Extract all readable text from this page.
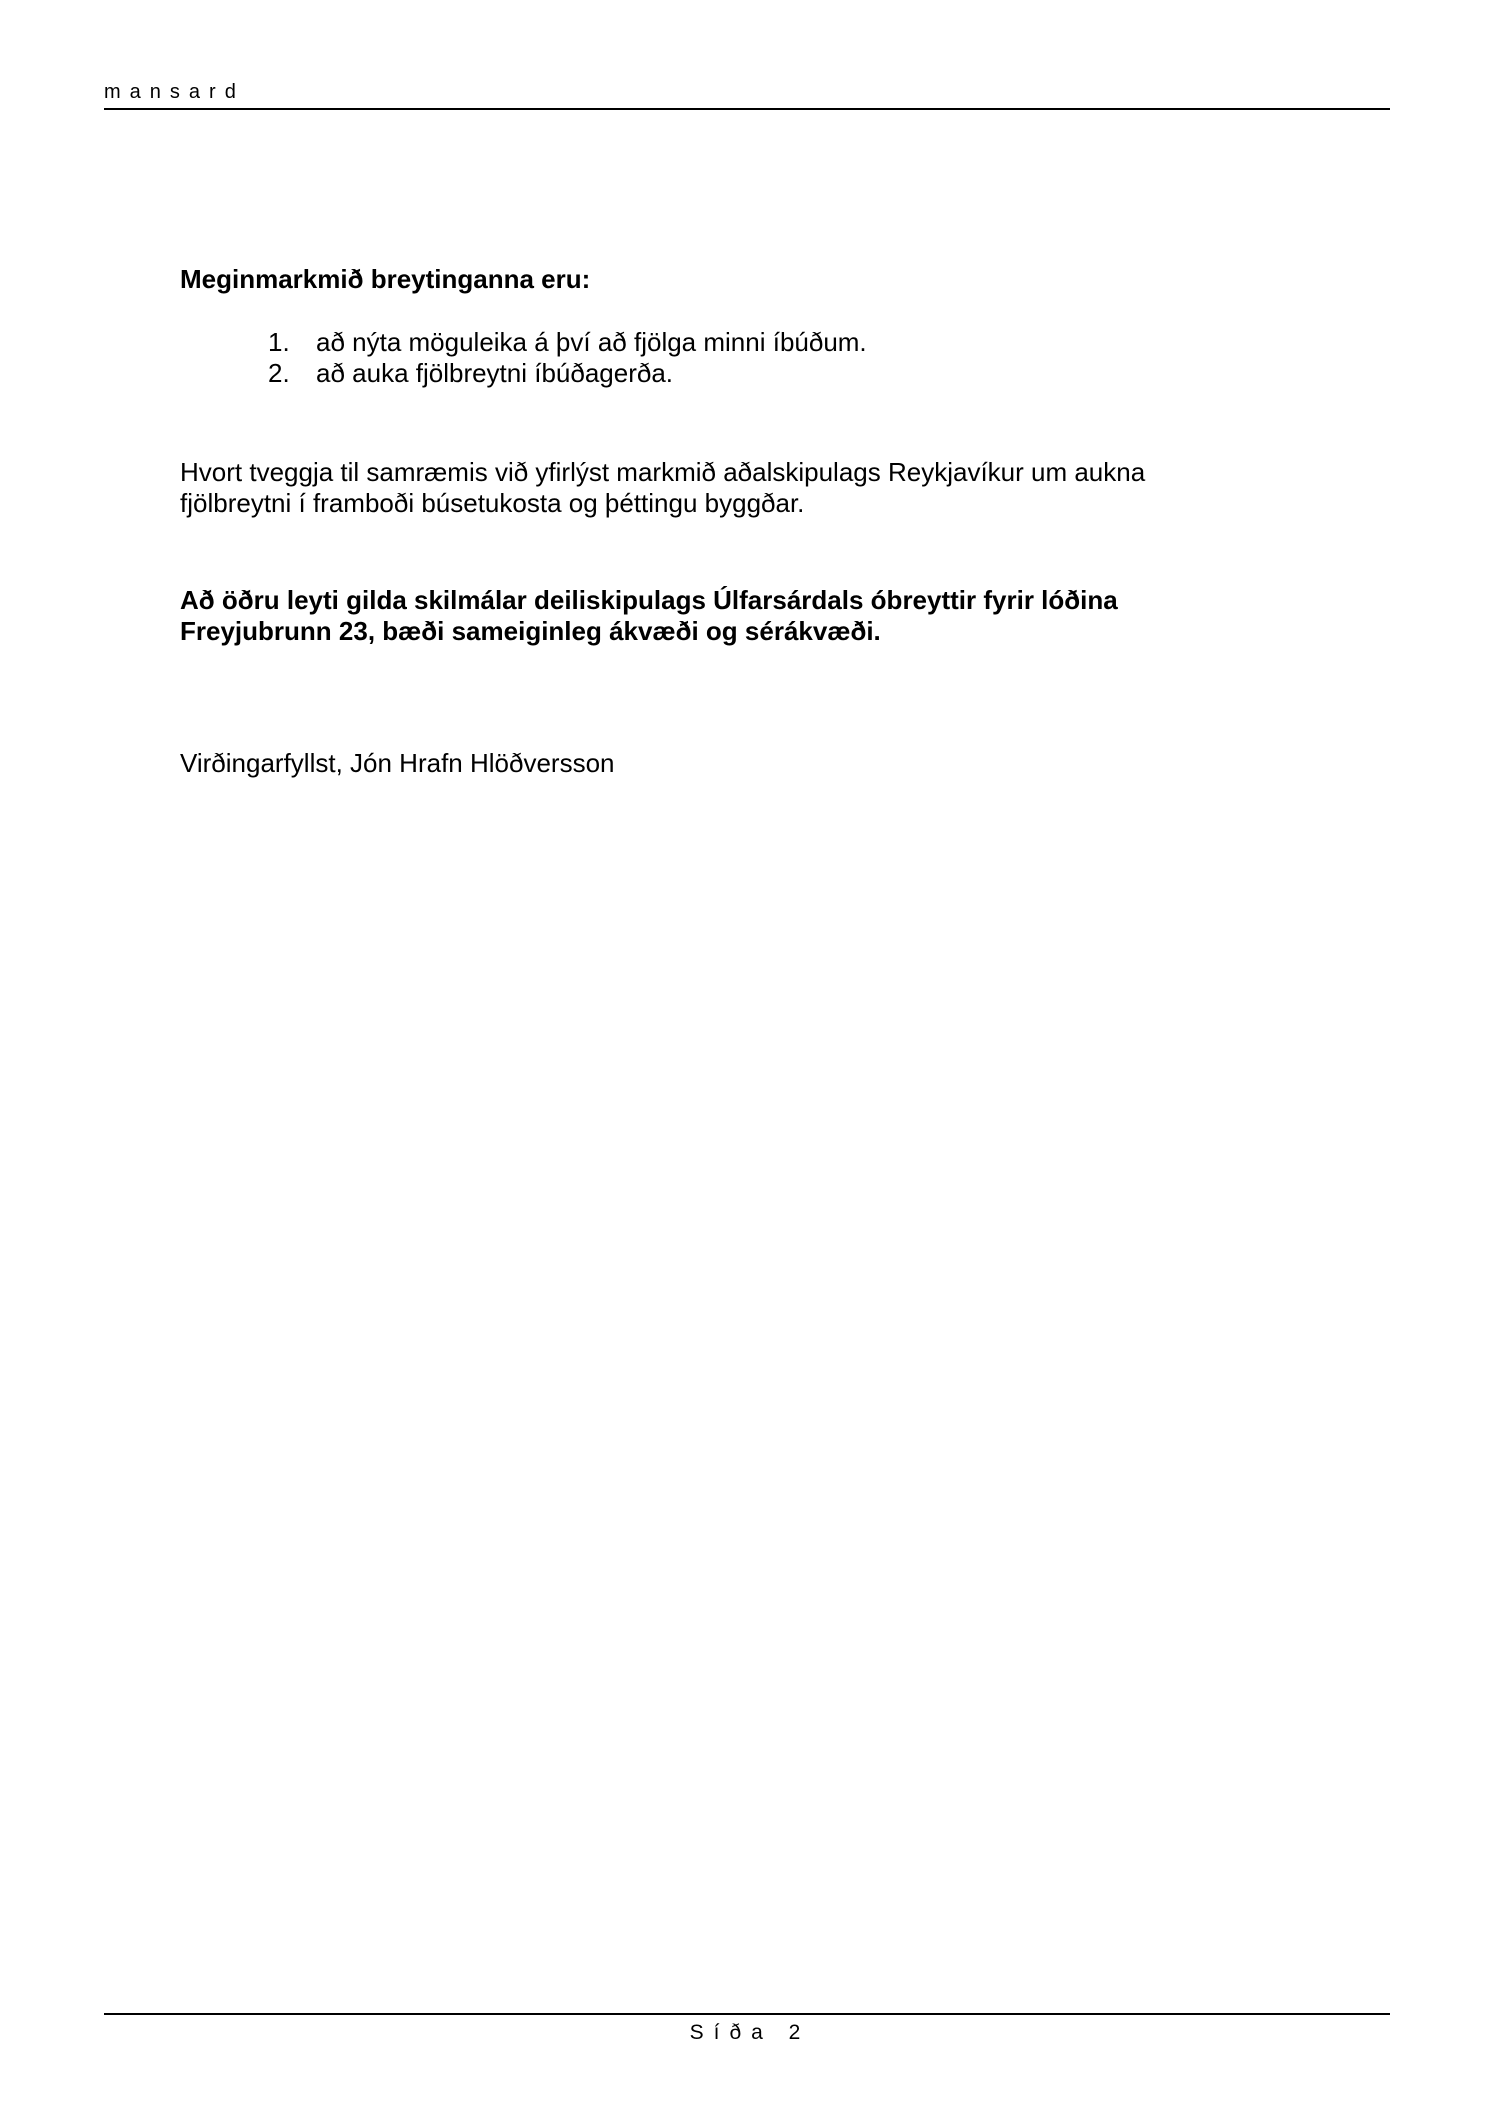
mansard
Meginmarkmið breytinganna eru:
1. að nýta möguleika á því að fjölga minni íbúðum.
2. að auka fjölbreytni íbúðagerða.
Hvort tveggja til samræmis við yfirlýst markmið aðalskipulags Reykjavíkur um aukna
fjölbreytni í framboði búsetukosta og þéttingu byggðar.
Að öðru leyti gilda skilmálar deiliskipulags Úlfarsárdals óbreyttir fyrir lóðina
Freyjubrunn 23, bæði sameiginleg ákvæði og sérákvæði.
Virðingarfyllst, Jón Hrafn Hlöðversson
Síða 2
